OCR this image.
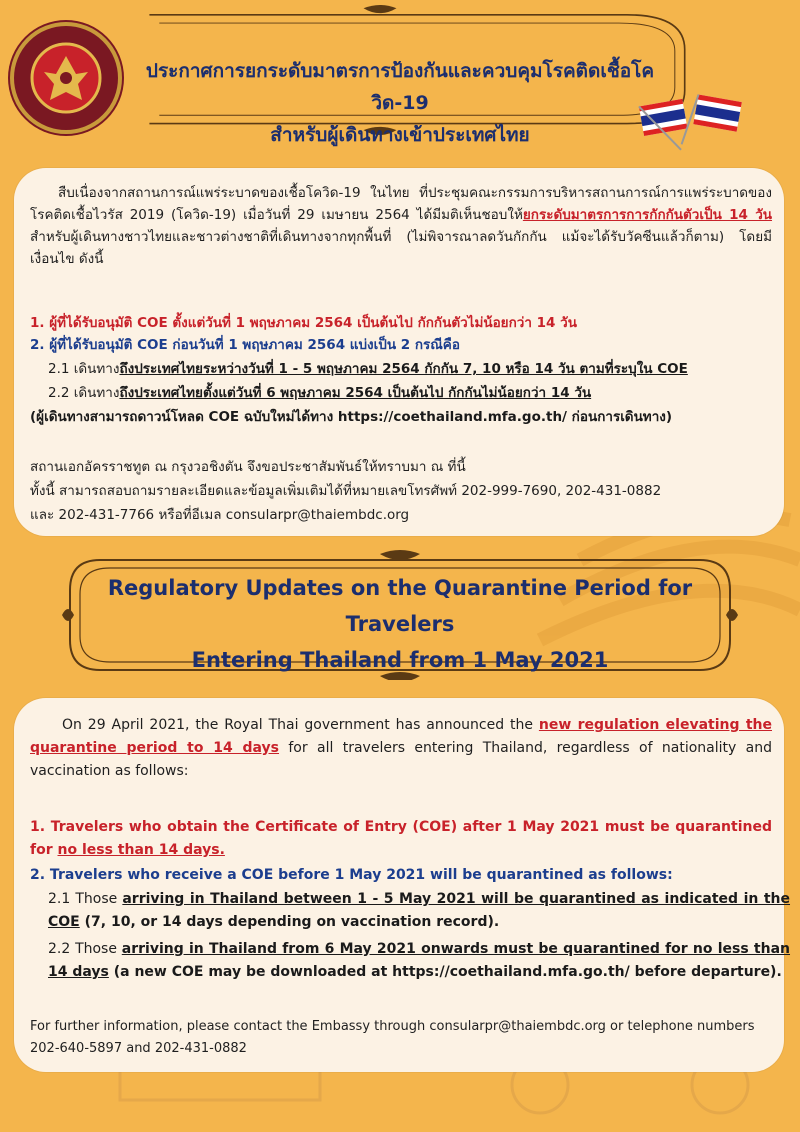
ประกาศการยกระดับมาตรการป้องกันและควบคุมโรคติดเชื้อโควิด-19
สำหรับผู้เดินทางเข้าประเทศไทย

สืบเนื่องจากสถานการณ์แพร่ระบาดของเชื้อโควิด-19 ในไทย ที่ประชุมคณะกรรมการบริหารสถานการณ์การแพร่ระบาดของโรคติดเชื้อไวรัส 2019 (โควิด-19) เมื่อวันที่ 29 เมษายน 2564 ได้มีมติเห็นชอบให้ยกระดับมาตรการการกักกันตัวเป็น 14 วัน สำหรับผู้เดินทางชาวไทยและชาวต่างชาติที่เดินทางจากทุกพื้นที่ (ไม่พิจารณาลดวันกักกัน แม้จะได้รับวัคซีนแล้วก็ตาม) โดยมีเงื่อนไข ดังนี้

1. ผู้ที่ได้รับอนุมัติ COE ตั้งแต่วันที่ 1 พฤษภาคม 2564 เป็นต้นไป กักกันตัวไม่น้อยกว่า 14 วัน

2. ผู้ที่ได้รับอนุมัติ COE ก่อนวันที่ 1 พฤษภาคม 2564 แบ่งเป็น 2 กรณีคือ

2.1 เดินทางถึงประเทศไทยระหว่างวันที่ 1 - 5 พฤษภาคม 2564 กักกัน 7, 10 หรือ 14 วัน ตามที่ระบุใน COE

2.2 เดินทางถึงประเทศไทยตั้งแต่วันที่ 6 พฤษภาคม 2564 เป็นต้นไป กักกันไม่น้อยกว่า 14 วัน

(ผู้เดินทางสามารถดาวน์โหลด COE ฉบับใหม่ได้ทาง https://coethailand.mfa.go.th/ ก่อนการเดินทาง)

สถานเอกอัครราชทูต ณ กรุงวอชิงตัน จึงขอประชาสัมพันธ์ให้ทราบมา ณ ที่นี้

ทั้งนี้ สามารถสอบถามรายละเอียดและข้อมูลเพิ่มเติมได้ที่หมายเลขโทรศัพท์ 202-999-7690, 202-431-0882

และ 202-431-7766 หรือที่อีเมล consularpr@thaiembdc.org

Regulatory Updates on the Quarantine Period for Travelers
Entering Thailand from 1 May 2021

On 29 April 2021, the Royal Thai government has announced the new regulation elevating the quarantine period to 14 days for all travelers entering Thailand, regardless of nationality and vaccination as follows:

1. Travelers who obtain the Certificate of Entry (COE) after 1 May 2021 must be quarantined for no less than 14 days.

2. Travelers who receive a COE before 1 May 2021 will be quarantined as follows:

2.1 Those arriving in Thailand between 1 - 5 May 2021 will be quarantined as indicated in the COE (7, 10, or 14 days depending on vaccination record).

2.2 Those arriving in Thailand from 6 May 2021 onwards must be quarantined for no less than 14 days (a new COE may be downloaded at https://coethailand.mfa.go.th/ before departure).

For further information, please contact the Embassy through consularpr@thaiembdc.org or telephone numbers

202-640-5897 and 202-431-0882
